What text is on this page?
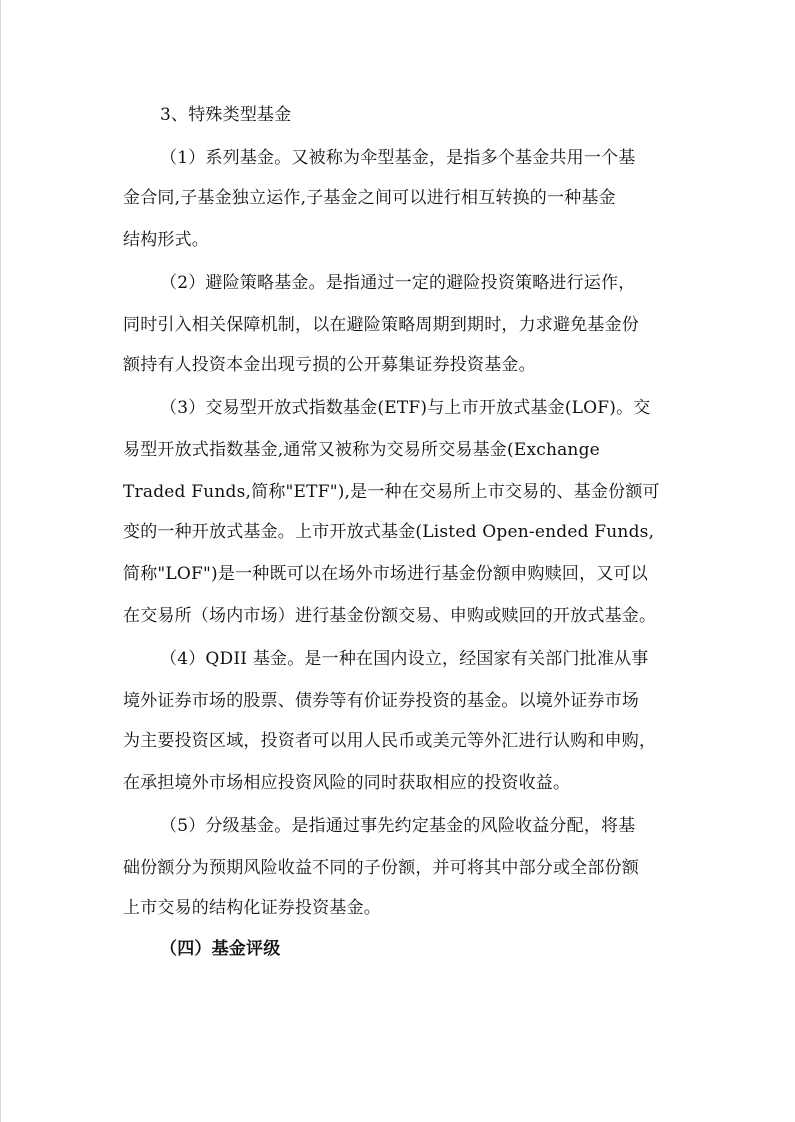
3、特殊类型基金
（1）系列基金。又被称为伞型基金，是指多个基金共用一个基
金合同,子基金独立运作,子基金之间可以进行相互转换的一种基金
结构形式。
（2）避险策略基金。是指通过一定的避险投资策略进行运作，
同时引入相关保障机制，以在避险策略周期到期时，力求避免基金份
额持有人投资本金出现亏损的公开募集证券投资基金。
（3）交易型开放式指数基金(ETF)与上市开放式基金(LOF)。交
易型开放式指数基金,通常又被称为交易所交易基金(Exchange
Traded Funds,简称"ETF"),是一种在交易所上市交易的、基金份额可
变的一种开放式基金。上市开放式基金(Listed Open-ended Funds,
简称"LOF")是一种既可以在场外市场进行基金份额申购赎回，又可以
在交易所（场内市场）进行基金份额交易、申购或赎回的开放式基金。
（4）QDII 基金。是一种在国内设立，经国家有关部门批准从事
境外证券市场的股票、债券等有价证券投资的基金。以境外证券市场
为主要投资区域，投资者可以用人民币或美元等外汇进行认购和申购，
在承担境外市场相应投资风险的同时获取相应的投资收益。
（5）分级基金。是指通过事先约定基金的风险收益分配，将基
础份额分为预期风险收益不同的子份额，并可将其中部分或全部份额
上市交易的结构化证券投资基金。
（四）基金评级
